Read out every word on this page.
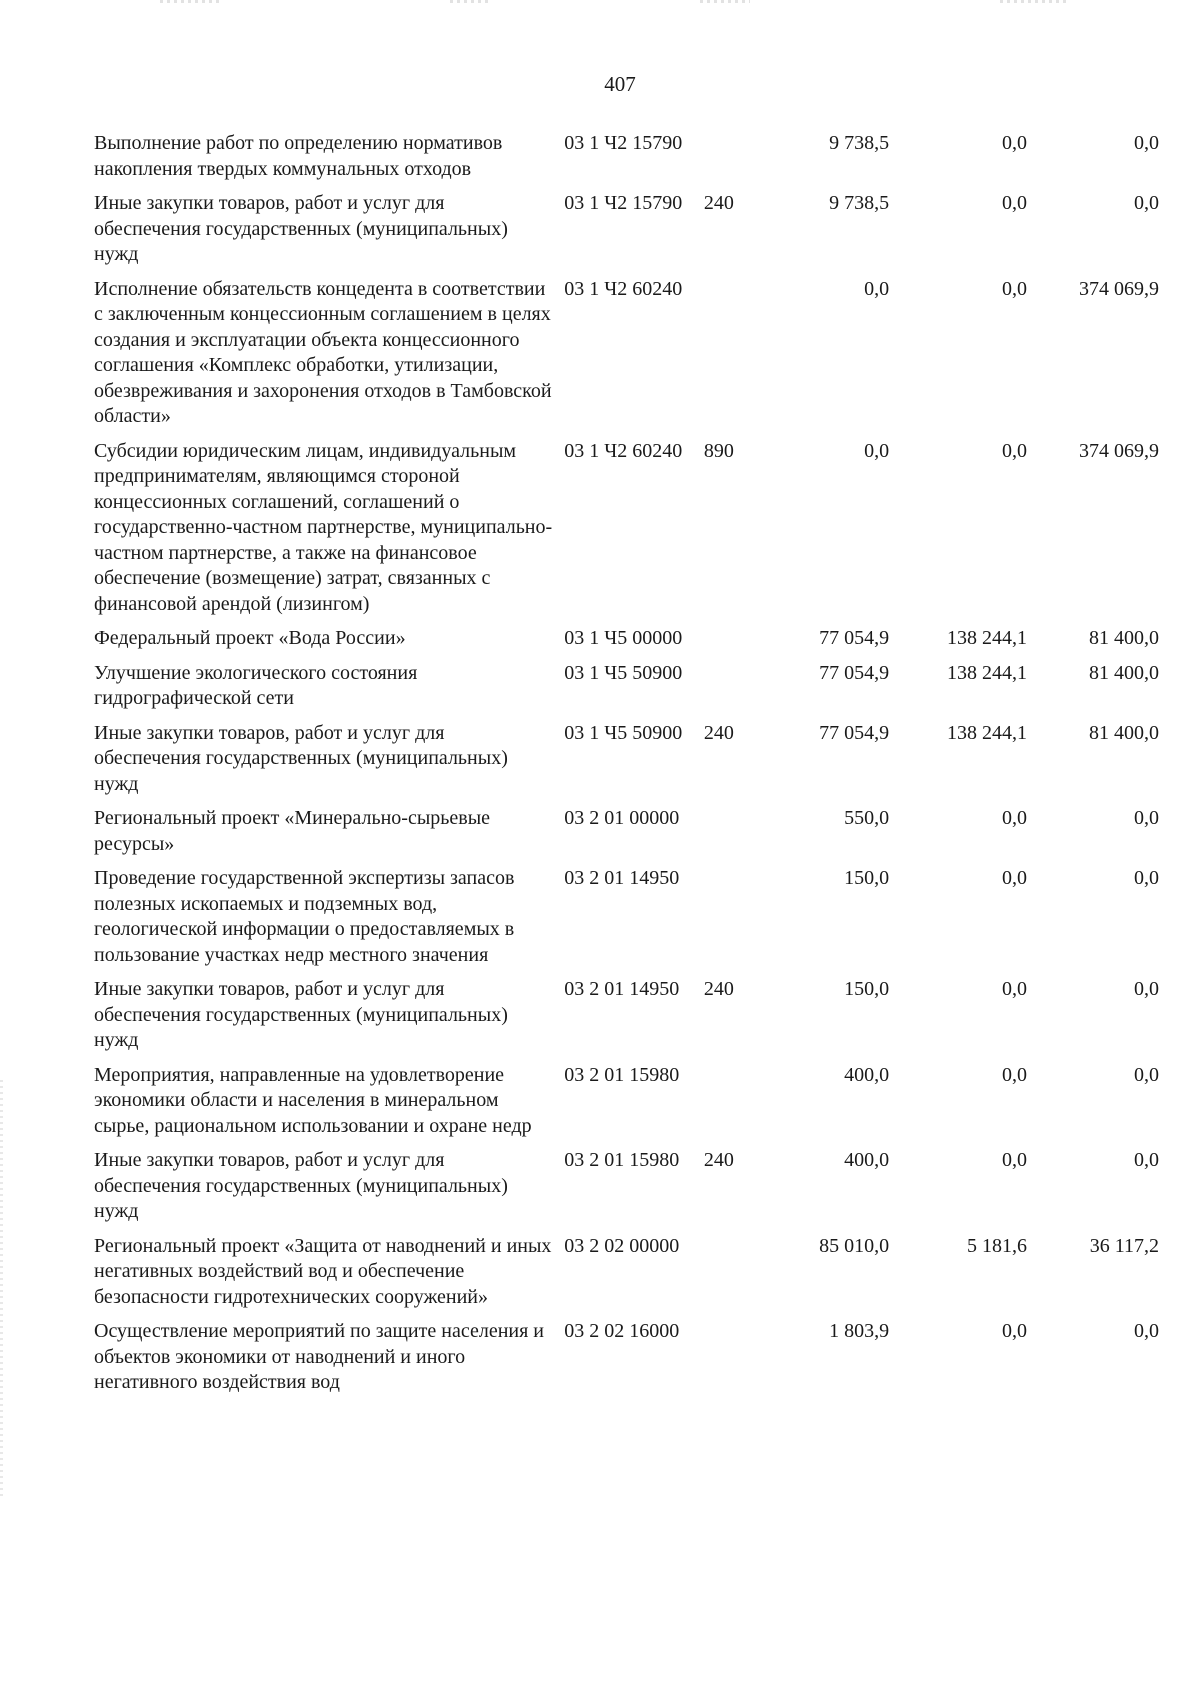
407
Выполнение работ по определению нормативов накопления твердых коммунальных отходов	03 1 Ч2 15790		9 738,5	0,0	0,0
Иные закупки товаров, работ и услуг для обеспечения государственных (муниципальных) нужд	03 1 Ч2 15790	240	9 738,5	0,0	0,0
Исполнение обязательств концедента в соответствии с заключенным концессионным соглашением в целях создания и эксплуатации объекта концессионного соглашения «Комплекс обработки, утилизации, обезвреживания и захоронения отходов в Тамбовской области»	03 1 Ч2 60240		0,0	0,0	374 069,9
Субсидии юридическим лицам, индивидуальным предпринимателям, являющимся стороной концессионных соглашений, соглашений о государственно-частном партнерстве, муниципально-частном партнерстве, а также на финансовое обеспечение (возмещение) затрат, связанных с финансовой арендой (лизингом)	03 1 Ч2 60240	890	0,0	0,0	374 069,9
Федеральный проект «Вода России»	03 1 Ч5 00000		77 054,9	138 244,1	81 400,0
Улучшение экологического состояния гидрографической сети	03 1 Ч5 50900		77 054,9	138 244,1	81 400,0
Иные закупки товаров, работ и услуг для обеспечения государственных (муниципальных) нужд	03 1 Ч5 50900	240	77 054,9	138 244,1	81 400,0
Региональный проект «Минерально-сырьевые ресурсы»	03 2 01 00000		550,0	0,0	0,0
Проведение государственной экспертизы запасов полезных ископаемых и подземных вод, геологической информации о предоставляемых в пользование участках недр местного значения	03 2 01 14950		150,0	0,0	0,0
Иные закупки товаров, работ и услуг для обеспечения государственных (муниципальных) нужд	03 2 01 14950	240	150,0	0,0	0,0
Мероприятия, направленные на удовлетворение экономики области и населения в минеральном сырье, рациональном использовании и охране недр	03 2 01 15980		400,0	0,0	0,0
Иные закупки товаров, работ и услуг для обеспечения государственных (муниципальных) нужд	03 2 01 15980	240	400,0	0,0	0,0
Региональный проект «Защита от наводнений и иных негативных воздействий вод и обеспечение безопасности гидротехнических сооружений»	03 2 02 00000		85 010,0	5 181,6	36 117,2
Осуществление мероприятий по защите населения и объектов экономики от наводнений и иного негативного воздействия вод	03 2 02 16000		1 803,9	0,0	0,0
